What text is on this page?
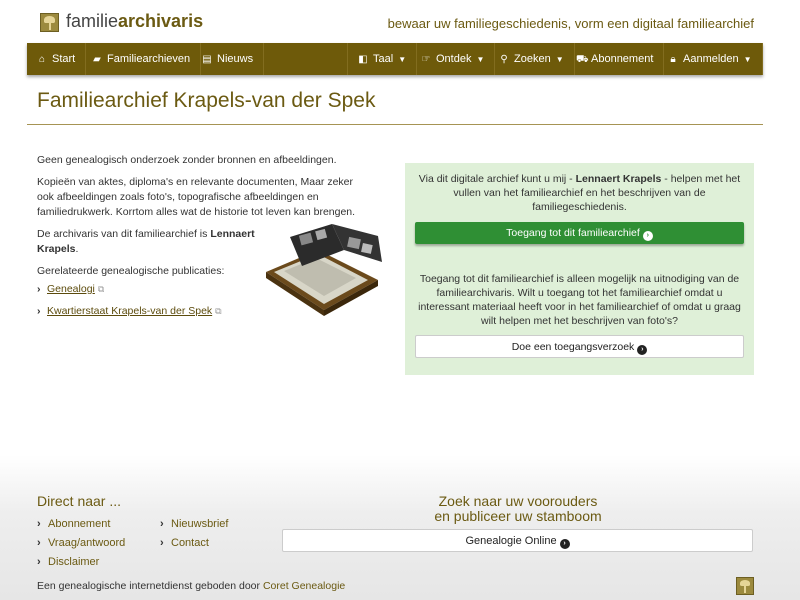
familiearchivaris	bewaar uw familiegeschiedenis, vorm een digitaal familiearchief
⌂ Start	▰ Familiearchieven	▤ Nieuws	◧ Taal ▼	☞ Ontdek ▼	⚲ Zoeken ▼	⛟ Abonnement	🔒︎ Aanmelden ▼
Familiearchief Krapels-van der Spek

Geen genealogisch onderzoek zonder bronnen en afbeeldingen.

Kopieën van aktes, diploma's en relevante documenten, Maar zeker ook afbeeldingen zoals foto's, topografische afbeeldingen en familiedrukwerk. Korrtom alles wat de historie tot leven kan brengen.

De archivaris van dit familiearchief is Lennaert Krapels.

Gerelateerde genealogische publicaties:

› Genealogi ⧉
› Kwartierstaat Krapels-van der Spek ⧉
Via dit digitale archief kunt u mij - Lennaert Krapels - helpen met het vullen van het familiearchief en het beschrijven van de familiegeschiedenis.
Toegang tot dit familiearchief ›
Toegang tot dit familiearchief is alleen mogelijk na uitnodiging van de familiearchivaris. Wilt u toegang tot het familiearchief omdat u interessant materiaal heeft voor in het familiearchief of omdat u graag wilt helpen met het beschrijven van foto's?
Doe een toegangsverzoek ›
Direct naar ...
› Abonnement	› Nieuwsbrief
› Vraag/antwoord	› Contact
› Disclaimer
Zoek naar uw voorouders
en publiceer uw stamboom
Genealogie Online ›
Een genealogische internetdienst geboden door Coret Genealogie
